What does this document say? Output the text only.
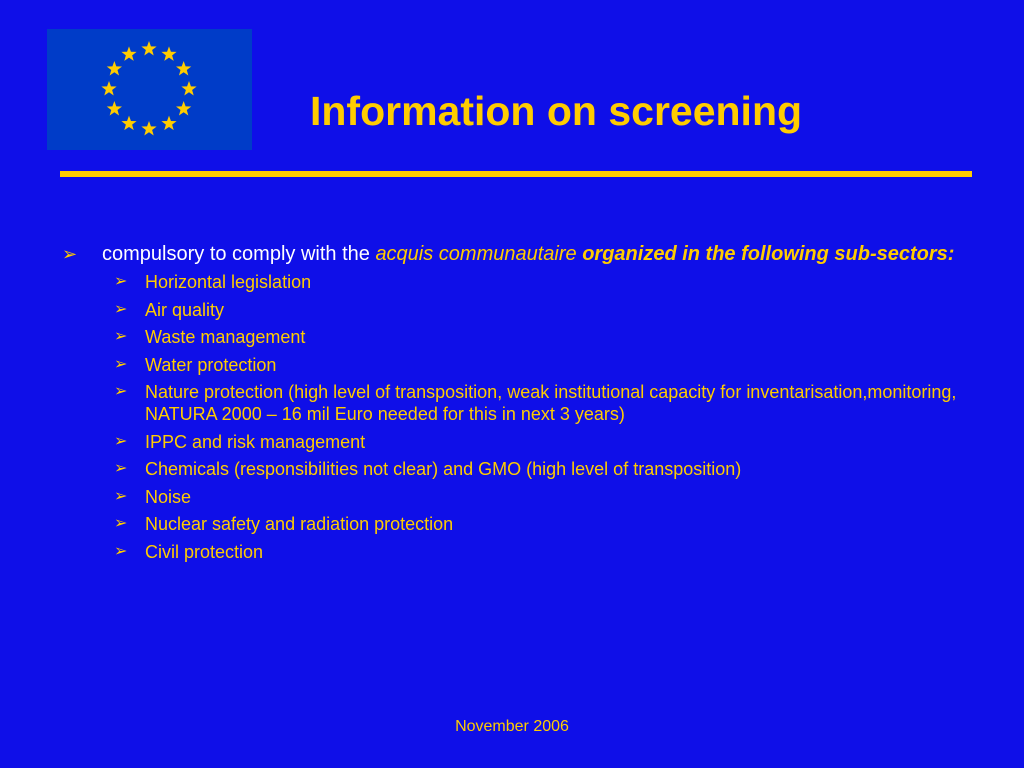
Information on screening
➢ compulsory to comply with the acquis communautaire organized in the following sub-sectors:
➢ Horizontal legislation
➢ Air quality
➢ Waste management
➢ Water protection
➢ Nature protection (high level of transposition, weak institutional capacity for inventarisation,monitoring, NATURA 2000 – 16 mil Euro needed for this in next 3 years)
➢ IPPC and risk management
➢ Chemicals (responsibilities not clear) and GMO (high level of transposition)
➢ Noise
➢ Nuclear safety and radiation protection
➢ Civil protection
November 2006
